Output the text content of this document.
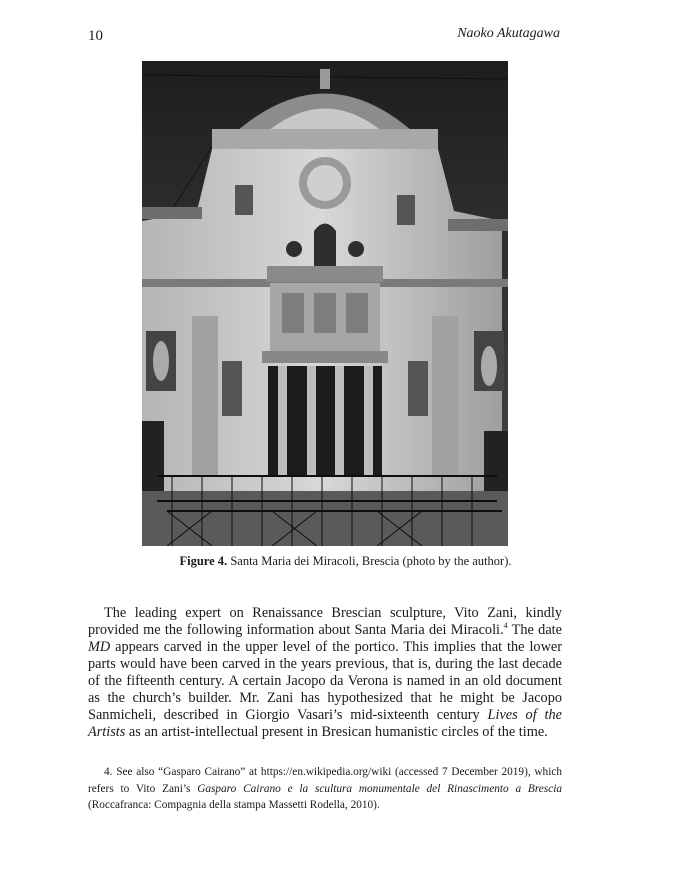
10	Naoko Akutagawa
Figure 4. Santa Maria dei Miracoli, Brescia (photo by the author).

The leading expert on Renaissance Brescian sculpture, Vito Zani, kindly provided me the following information about Santa Maria dei Miracoli.$^4$ The date MD appears carved in the upper level of the portico. This implies that the lower parts would have been carved in the years previous, that is, during the last decade of the fifteenth century. A certain Jacopo da Verona is named in an old document as the church’s builder. Mr. Zani has hypothesized that he might be Jacopo Sanmicheli, described in Giorgio Vasari’s mid-sixteenth century Lives of the Artists as an artist-intellectual present in Bresican humanistic circles of the time.

4. See also “Gasparo Cairano” at https://en.wikipedia.org/wiki (accessed 7 December 2019), which refers to Vito Zani’s Gasparo Cairano e la scultura monumentale del Rinascimento a Brescia (Roccafranca: Compagnia della stampa Massetti Rodella, 2010).
